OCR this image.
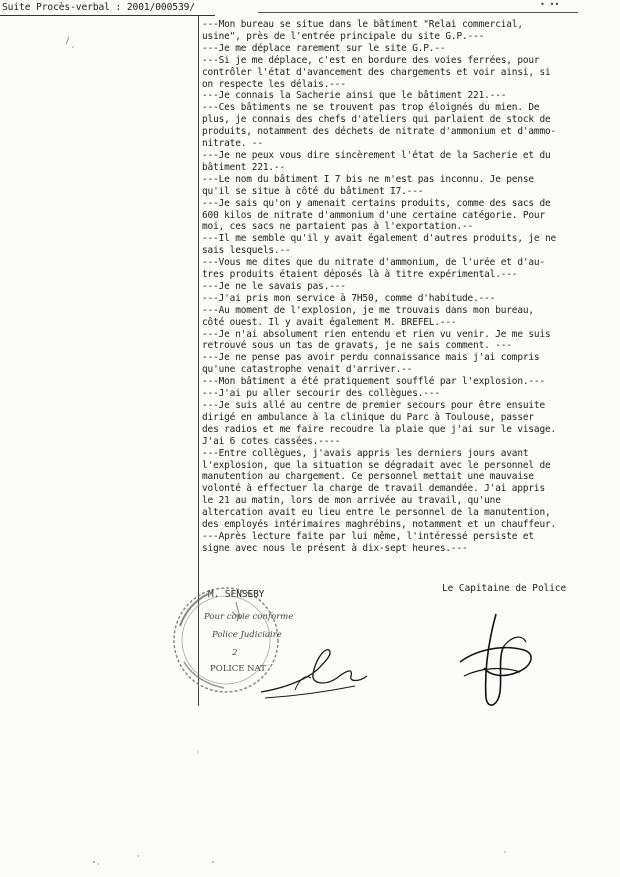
Suite Procès-verbal : 2001/000539/	• ••

---Mon bureau se situe dans le bâtiment "Relai commercial,

usine", près de l'entrée principale du site G.P.---

---Je me déplace rarement sur le site G.P.--

---Si je me déplace, c'est en bordure des voies ferrées, pour

contrôler l'état d'avancement des chargements et voir ainsi, si

on respecte les délais.---

---Je connais la Sacherie ainsi que le bâtiment 221.---

---Ces bâtiments ne se trouvent pas trop éloignés du mien. De

plus, je connais des chefs d'ateliers qui parlaient de stock de

produits, notamment des déchets de nitrate d'ammonium et d'ammo-

nitrate. --

---Je ne peux vous dire sincèrement l'état de la Sacherie et du

bâtiment 221.--

---Le nom du bâtiment I 7 bis ne m'est pas inconnu. Je pense

qu'il se situe à côté du bâtiment I7.---

---Je sais qu'on y amenait certains produits, comme des sacs de

600 kilos de nitrate d'ammonium d'une certaine catégorie. Pour

moi, ces sacs ne partaient pas à l'exportation.--

---Il me semble qu'il y avait également d'autres produits, je ne

sais lesquels.--

---Vous me dites que du nitrate d'ammonium, de l'urée et d'au-

tres produits étaient déposés là à titre expérimental.---

---Je ne le savais pas.---

---J'ai pris mon service à 7H50, comme d'habitude.---

---Au moment de l'explosion, je me trouvais dans mon bureau,

côté ouest. Il y avait également M. BREFEL.---

---Je n'ai absolument rien entendu et rien vu venir. Je me suis

retrouvé sous un tas de gravats, je ne sais comment. ---

---Je ne pense pas avoir perdu connaissance mais j'ai compris

qu'une catastrophe venait d'arriver.--

---Mon bâtiment a été pratiquement soufflé par l'explosion.---

---J'ai pu aller secourir des collègues.---

---Je suis allé au centre de premier secours pour être ensuite

dirigé en ambulance à la clinique du Parc à Toulouse, passer

des radios et me faire recoudre la plaie que j'ai sur le visage.

J'ai 6 cotes cassées.----

---Entre collègues, j'avais appris les derniers jours avant

l'explosion, que la situation se dégradait avec le personnel de

manutention au chargement. Ce personnel mettait une mauvaise

volonté à effectuer la charge de travail demandée. J'ai appris

le 21 au matin, lors de mon arrivée au travail, qu'une

altercation avait eu lieu entre le personnel de la manutention,

des employés intérimaires maghrébins, notamment et un chauffeur.

---Après lecture faite par lui même, l'intéressé persiste et

signe avec nous le présent à dix-sept heures.---

M. SENSEBY
Le Capitaine de Police
Pour copie conforme
Police Judiciaire
2
POLICE NAT
